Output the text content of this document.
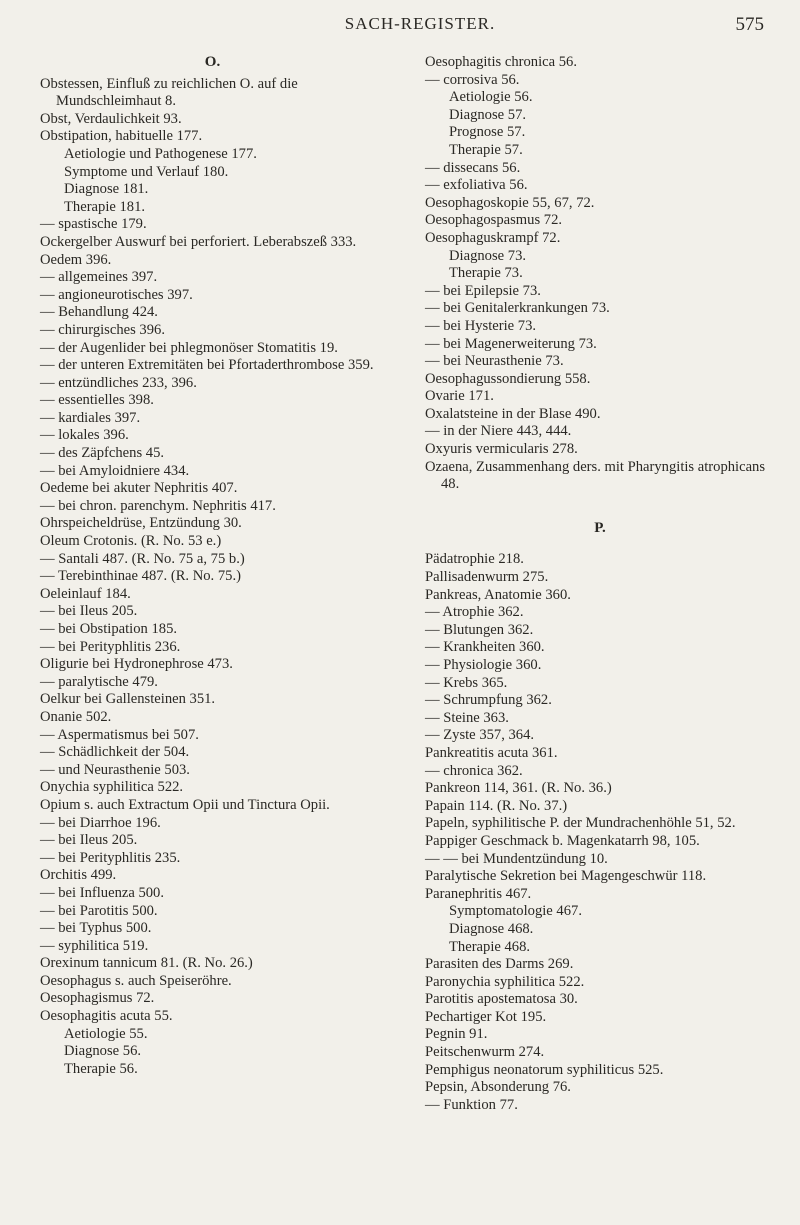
SACH-REGISTER.	575
O.

Obstessen, Einfluß zu reichlichen O. auf die Mundschleimhaut 8.

Obst, Verdaulichkeit 93.

Obstipation, habituelle 177.

Aetiologie und Pathogenese 177.

Symptome und Verlauf 180.

Diagnose 181.

Therapie 181.

— spastische 179.

Ockergelber Auswurf bei perforiert. Leberabszeß 333.

Oedem 396.

— allgemeines 397.

— angioneurotisches 397.

— Behandlung 424.

— chirurgisches 396.

— der Augenlider bei phlegmonöser Stomatitis 19.

— der unteren Extremitäten bei Pfortaderthrombose 359.

— entzündliches 233, 396.

— essentielles 398.

— kardiales 397.

— lokales 396.

— des Zäpfchens 45.

— bei Amyloidniere 434.

Oedeme bei akuter Nephritis 407.

— bei chron. parenchym. Nephritis 417.

Ohrspeicheldrüse, Entzündung 30.

Oleum Crotonis. (R. No. 53 e.)

— Santali 487. (R. No. 75 a, 75 b.)

— Terebinthinae 487. (R. No. 75.)

Oeleinlauf 184.

— bei Ileus 205.

— bei Obstipation 185.

— bei Perityphlitis 236.

Oligurie bei Hydronephrose 473.

— paralytische 479.

Oelkur bei Gallensteinen 351.

Onanie 502.

— Aspermatismus bei 507.

— Schädlichkeit der 504.

— und Neurasthenie 503.

Onychia syphilitica 522.

Opium s. auch Extractum Opii und Tinctura Opii.

— bei Diarrhoe 196.

— bei Ileus 205.

— bei Perityphlitis 235.

Orchitis 499.

— bei Influenza 500.

— bei Parotitis 500.

— bei Typhus 500.

— syphilitica 519.

Orexinum tannicum 81. (R. No. 26.)

Oesophagus s. auch Speiseröhre.

Oesophagismus 72.

Oesophagitis acuta 55.

Aetiologie 55.

Diagnose 56.

Therapie 56.

Oesophagitis chronica 56.

— corrosiva 56.

Aetiologie 56.

Diagnose 57.

Prognose 57.

Therapie 57.

— dissecans 56.

— exfoliativa 56.

Oesophagoskopie 55, 67, 72.

Oesophagospasmus 72.

Oesophaguskrampf 72.

Diagnose 73.

Therapie 73.

— bei Epilepsie 73.

— bei Genitalerkrankungen 73.

— bei Hysterie 73.

— bei Magenerweiterung 73.

— bei Neurasthenie 73.

Oesophagussondierung 558.

Ovarie 171.

Oxalatsteine in der Blase 490.

— in der Niere 443, 444.

Oxyuris vermicularis 278.

Ozaena, Zusammenhang ders. mit Pharyngitis atrophicans 48.

P.

Pädatrophie 218.

Pallisadenwurm 275.

Pankreas, Anatomie 360.

— Atrophie 362.

— Blutungen 362.

— Krankheiten 360.

— Physiologie 360.

— Krebs 365.

— Schrumpfung 362.

— Steine 363.

— Zyste 357, 364.

Pankreatitis acuta 361.

— chronica 362.

Pankreon 114, 361. (R. No. 36.)

Papain 114. (R. No. 37.)

Papeln, syphilitische P. der Mundrachenhöhle 51, 52.

Pappiger Geschmack b. Magenkatarrh 98, 105.

— — bei Mundentzündung 10.

Paralytische Sekretion bei Magengeschwür 118.

Paranephritis 467.

Symptomatologie 467.

Diagnose 468.

Therapie 468.

Parasiten des Darms 269.

Paronychia syphilitica 522.

Parotitis apostematosa 30.

Pechartiger Kot 195.

Pegnin 91.

Peitschenwurm 274.

Pemphigus neonatorum syphiliticus 525.

Pepsin, Absonderung 76.

— Funktion 77.
